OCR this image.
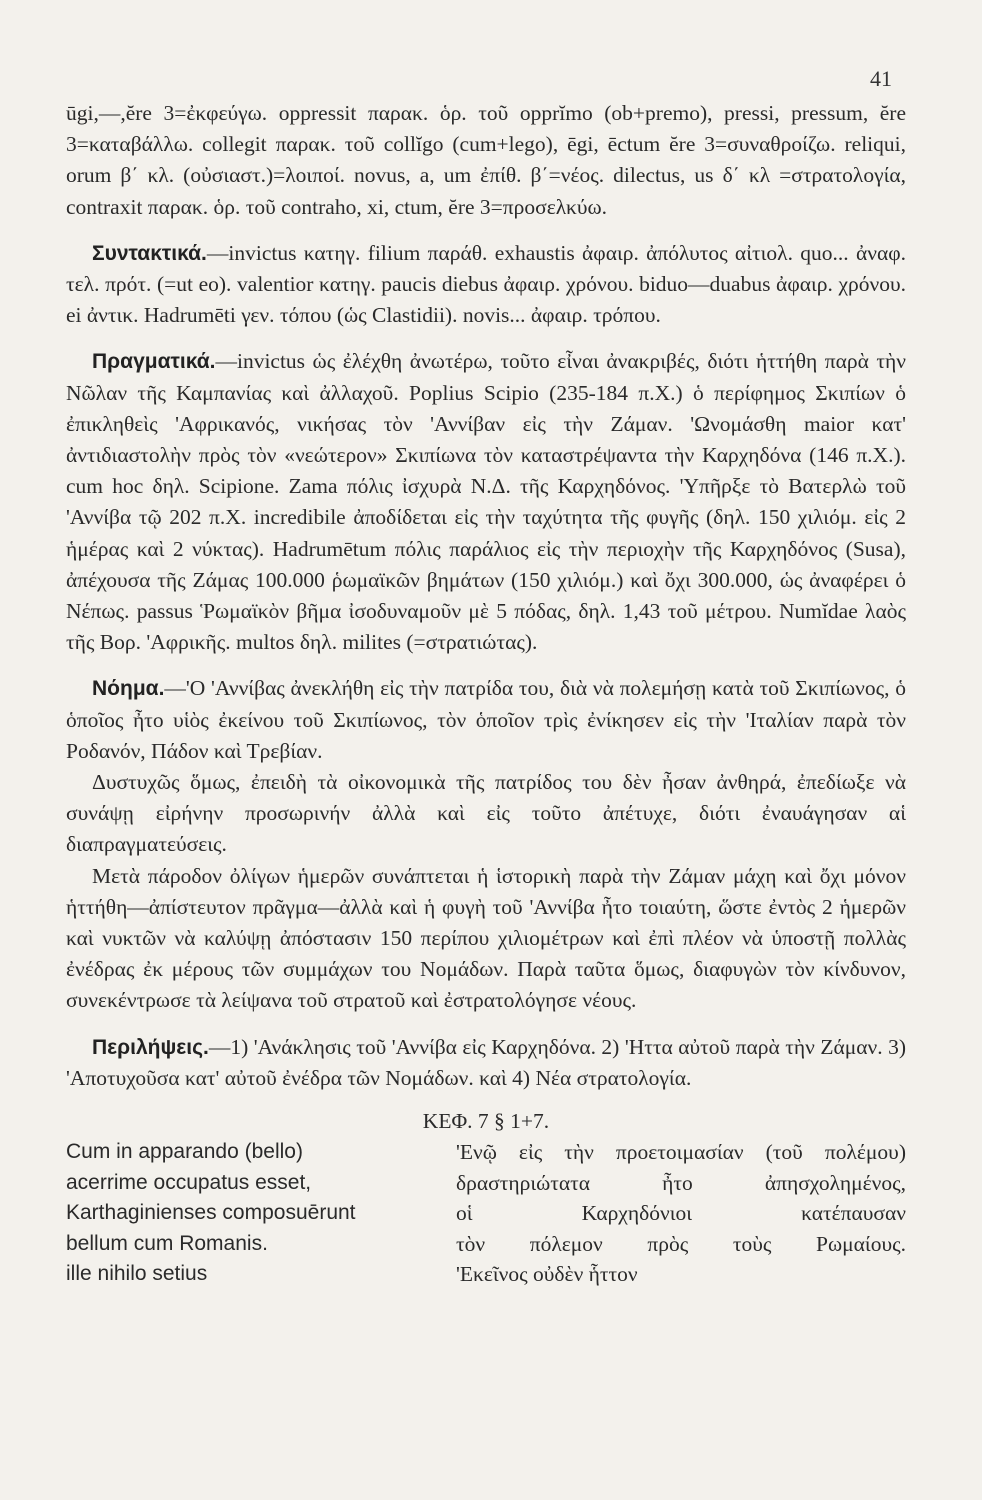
41

ūgi,—,ĕre 3=ἐκφεύγω. oppressit παρακ. ὁρ. τοῦ opprĭmo (ob+premo), pressi, pressum, ĕre 3=καταβάλλω. collegit παρακ. τοῦ collĭgo (cum+lego), ēgi, ēctum ĕre 3=συναθροίζω. reliqui, orum β΄ κλ. (οὐσιαστ.)=λοιποί. novus, a, um ἐπίθ. β΄=νέος. dilectus, us δ΄ κλ =στρατολογία, contraxit παρακ. ὁρ. τοῦ contraho, xi, ctum, ĕre 3=προσελκύω.

Συντακτικά.—invictus κατηγ. filium παράθ. exhaustis ἀφαιρ. ἀπόλυτος αἰτιολ. quo... ἀναφ. τελ. πρότ. (=ut eo). valentior κατηγ. paucis diebus ἀφαιρ. χρόνου. biduo—duabus ἀφαιρ. χρόνου. ei ἀντικ. Hadrumēti γεν. τόπου (ὡς Clastidii). novis... ἀφαιρ. τρόπου.

Πραγματικά.—invictus ὡς ἐλέχθη ἀνωτέρω, τοῦτο εἶναι ἀνακριβές, διότι ἡττήθη παρὰ τὴν Νῶλαν τῆς Καμπανίας καὶ ἀλλαχοῦ. Poplius Scipio (235-184 π.Χ.) ὁ περίφημος Σκιπίων ὁ ἐπικληθεὶς 'Αφρικανός, νικήσας τὸν 'Αννίβαν εἰς τὴν Ζάμαν. 'Ωνομάσθη maior κατ' ἀντιδιαστολὴν πρὸς τὸν «νεώτερον» Σκιπίωνα τὸν καταστρέψαντα τὴν Καρχηδόνα (146 π.Χ.). cum hoc δηλ. Scipione. Zama πόλις ἰσχυρὰ Ν.Δ. τῆς Καρχηδόνος. 'Υπῆρξε τὸ Βατερλὼ τοῦ 'Αννίβα τῷ 202 π.Χ. incredibile ἀποδίδεται εἰς τὴν ταχύτητα τῆς φυγῆς (δηλ. 150 χιλιόμ. εἰς 2 ἡμέρας καὶ 2 νύκτας). Hadrumētum πόλις παράλιος εἰς τὴν περιοχὴν τῆς Καρχηδόνος (Susa), ἀπέχουσα τῆς Ζάμας 100.000 ῥωμαϊκῶν βημάτων (150 χιλιόμ.) καὶ ὄχι 300.000, ὡς ἀναφέρει ὁ Νέπως. passus Ῥωμαϊκὸν βῆμα ἰσοδυναμοῦν μὲ 5 πόδας, δηλ. 1,43 τοῦ μέτρου. Numĭdae λαὸς τῆς Βορ. 'Αφρικῆς. multos δηλ. milites (=στρατιώτας).

Νόημα.—'Ο 'Αννίβας ἀνεκλήθη εἰς τὴν πατρίδα του, διὰ νὰ πολεμήσῃ κατὰ τοῦ Σκιπίωνος, ὁ ὁποῖος ἦτο υἱὸς ἐκείνου τοῦ Σκιπίωνος, τὸν ὁποῖον τρὶς ἐνίκησεν εἰς τὴν 'Ιταλίαν παρὰ τὸν Ροδανόν, Πάδον καὶ Τρεβίαν.

Δυστυχῶς ὅμως, ἐπειδὴ τὰ οἰκονομικὰ τῆς πατρίδος του δὲν ἦσαν ἀνθηρά, ἐπεδίωξε νὰ συνάψῃ εἰρήνην προσωρινήν ἀλλὰ καὶ εἰς τοῦτο ἀπέτυχε, διότι ἐναυάγησαν αἱ διαπραγματεύσεις.

Μετὰ πάροδον ὀλίγων ἡμερῶν συνάπτεται ἡ ἱστορικὴ παρὰ τὴν Ζάμαν μάχη καὶ ὄχι μόνον ἡττήθη—ἀπίστευτον πρᾶγμα—ἀλλὰ καὶ ἡ φυγὴ τοῦ 'Αννίβα ἦτο τοιαύτη, ὥστε ἐντὸς 2 ἡμερῶν καὶ νυκτῶν νὰ καλύψῃ ἀπόστασιν 150 περίπου χιλιομέτρων καὶ ἐπὶ πλέον νὰ ὑποστῇ πολλὰς ἐνέδρας ἐκ μέρους τῶν συμμάχων του Νομάδων. Παρὰ ταῦτα ὅμως, διαφυγὼν τὸν κίνδυνον, συνεκέντρωσε τὰ λείψανα τοῦ στρατοῦ καὶ ἐστρατολόγησε νέους.

Περιλήψεις.—1) 'Ανάκλησις τοῦ 'Αννίβα εἰς Καρχηδόνα. 2) 'Ηττα αὐτοῦ παρὰ τὴν Ζάμαν. 3) 'Αποτυχοῦσα κατ' αὐτοῦ ἐνέδρα τῶν Νομάδων. καὶ 4) Νέα στρατολογία.

ΚΕΦ. 7 § 1+7.
Cum in apparando (bello)
acerrime occupatus esset,
Karthaginienses composuērunt
bellum cum Romanis.
ille nihilo setius
'Ενῷ εἰς τὴν προετοιμασίαν (τοῦ πολέμου)
δραστηριώτατα ἦτο ἀπησχολημένος,
οἱ Καρχηδόνιοι κατέπαυσαν
τὸν πόλεμον πρὸς τοὺς Ρωμαίους.
'Εκεῖνος οὐδὲν ἧττον
